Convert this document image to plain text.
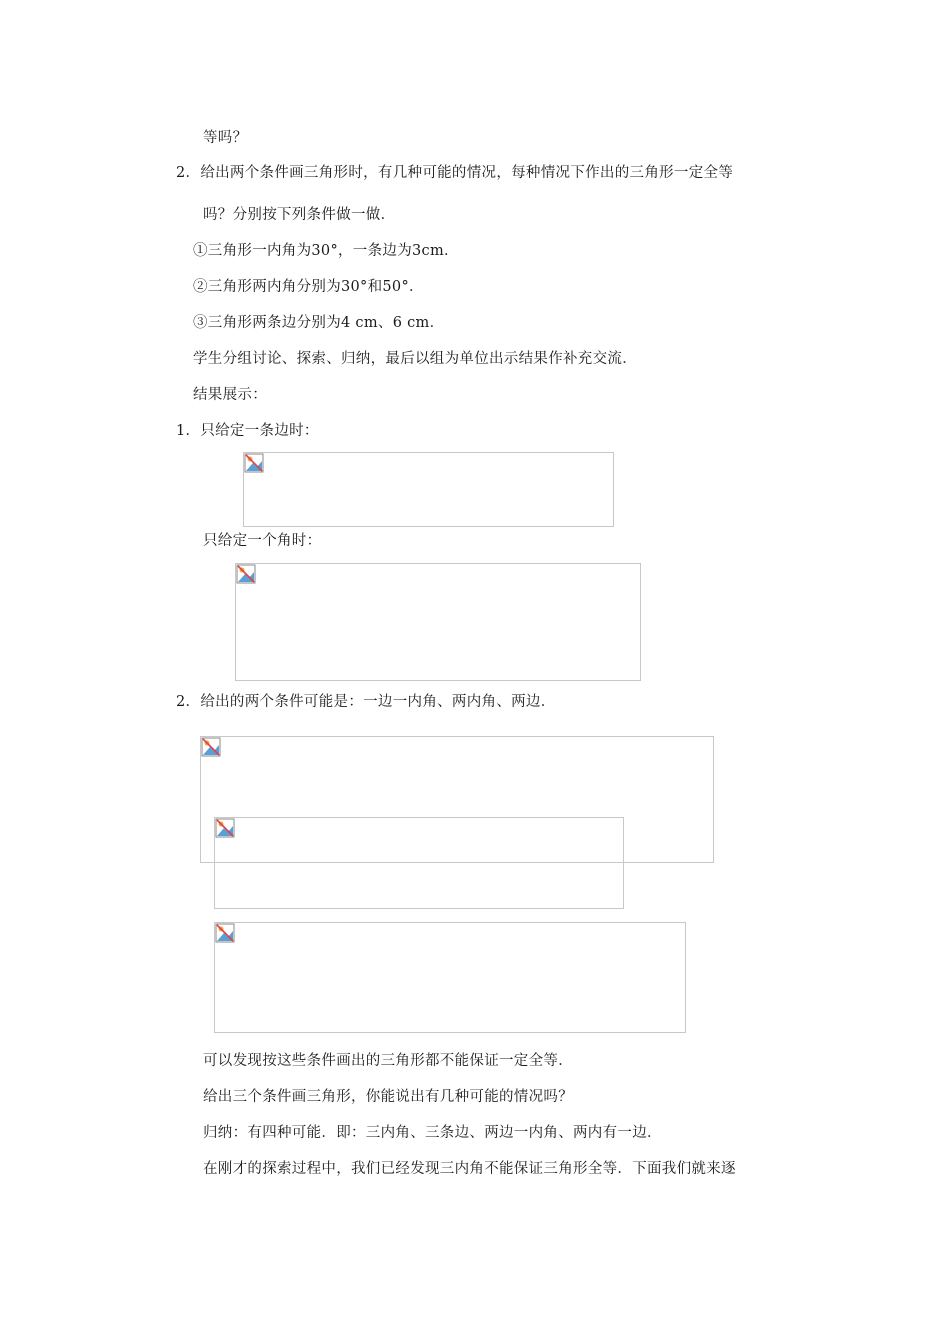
等吗？
2．给出两个条件画三角形时，有几种可能的情况，每种情况下作出的三角形一定全等
吗？分别按下列条件做一做．
①三角形一内角为30°，一条边为3cm．
②三角形两内角分别为30°和50°．
③三角形两条边分别为4 cm、6 cm．
学生分组讨论、探索、归纳，最后以组为单位出示结果作补充交流．
结果展示：
1．只给定一条边时：
只给定一个角时：
2．给出的两个条件可能是：一边一内角、两内角、两边．
可以发现按这些条件画出的三角形都不能保证一定全等．
给出三个条件画三角形，你能说出有几种可能的情况吗？
归纳：有四种可能．即：三内角、三条边、两边一内角、两内有一边．
在刚才的探索过程中，我们已经发现三内角不能保证三角形全等．下面我们就来逐
